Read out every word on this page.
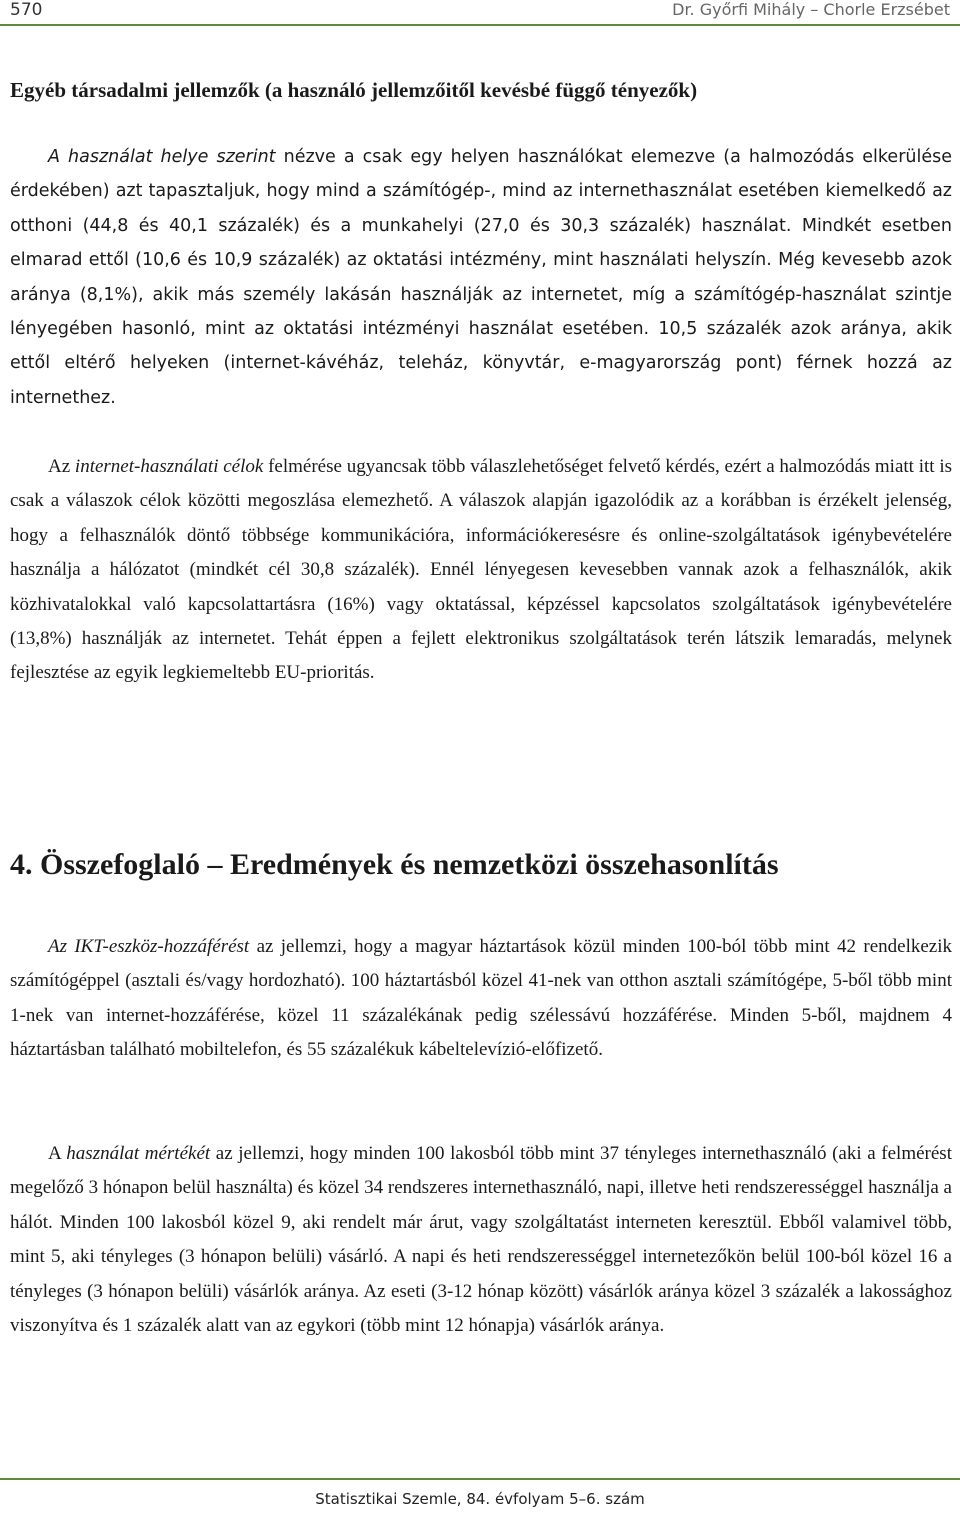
570	Dr. Győrfi Mihály – Chorle Erzsébet
Egyéb társadalmi jellemzők (a használó jellemzőitől kevésbé függő tényezők)

A használat helye szerint nézve a csak egy helyen használókat elemezve (a halmozódás elkerülése érdekében) azt tapasztaljuk, hogy mind a számítógép-, mind az internethasználat esetében kiemelkedő az otthoni (44,8 és 40,1 százalék) és a munkahelyi (27,0 és 30,3 százalék) használat. Mindkét esetben elmarad ettől (10,6 és 10,9 százalék) az oktatási intézmény, mint használati helyszín. Még kevesebb azok aránya (8,1%), akik más személy lakásán használják az internetet, míg a számítógép-használat szintje lényegében hasonló, mint az oktatási intézményi használat esetében. 10,5 százalék azok aránya, akik ettől eltérő helyeken (internet-kávéház, teleház, könyvtár, e-magyarország pont) férnek hozzá az internethez.

Az internet-használati célok felmérése ugyancsak több válaszlehetőséget felvető kérdés, ezért a halmozódás miatt itt is csak a válaszok célok közötti megoszlása elemezhető. A válaszok alapján igazolódik az a korábban is érzékelt jelenség, hogy a felhasználók döntő többsége kommunikációra, információkeresésre és online-szolgáltatások igénybevételére használja a hálózatot (mindkét cél 30,8 százalék). Ennél lényegesen kevesebben vannak azok a felhasználók, akik közhivatalokkal való kapcsolattartásra (16%) vagy oktatással, képzéssel kapcsolatos szolgáltatások igénybevételére (13,8%) használják az internetet. Tehát éppen a fejlett elektronikus szolgáltatások terén látszik lemaradás, melynek fejlesztése az egyik legkiemeltebb EU-prioritás.

4. Összefoglaló – Eredmények és nemzetközi összehasonlítás

Az IKT-eszköz-hozzáférést az jellemzi, hogy a magyar háztartások közül minden 100-ból több mint 42 rendelkezik számítógéppel (asztali és/vagy hordozható). 100 háztartásból közel 41-nek van otthon asztali számítógépe, 5-ből több mint 1-nek van internet-hozzáférése, közel 11 százalékának pedig szélessávú hozzáférése. Minden 5-ből, majdnem 4 háztartásban található mobiltelefon, és 55 százalékuk kábeltelevízió-előfizető.

A használat mértékét az jellemzi, hogy minden 100 lakosból több mint 37 tényleges internethasználó (aki a felmérést megelőző 3 hónapon belül használta) és közel 34 rendszeres internethasználó, napi, illetve heti rendszerességgel használja a hálót. Minden 100 lakosból közel 9, aki rendelt már árut, vagy szolgáltatást interneten keresztül. Ebből valamivel több, mint 5, aki tényleges (3 hónapon belüli) vásárló. A napi és heti rendszerességgel internetezőkön belül 100-ból közel 16 a tényleges (3 hónapon belüli) vásárlók aránya. Az eseti (3-12 hónap között) vásárlók aránya közel 3 százalék a lakossághoz viszonyítva és 1 százalék alatt van az egykori (több mint 12 hónapja) vásárlók aránya.

Statisztikai Szemle, 84. évfolyam 5–6. szám
